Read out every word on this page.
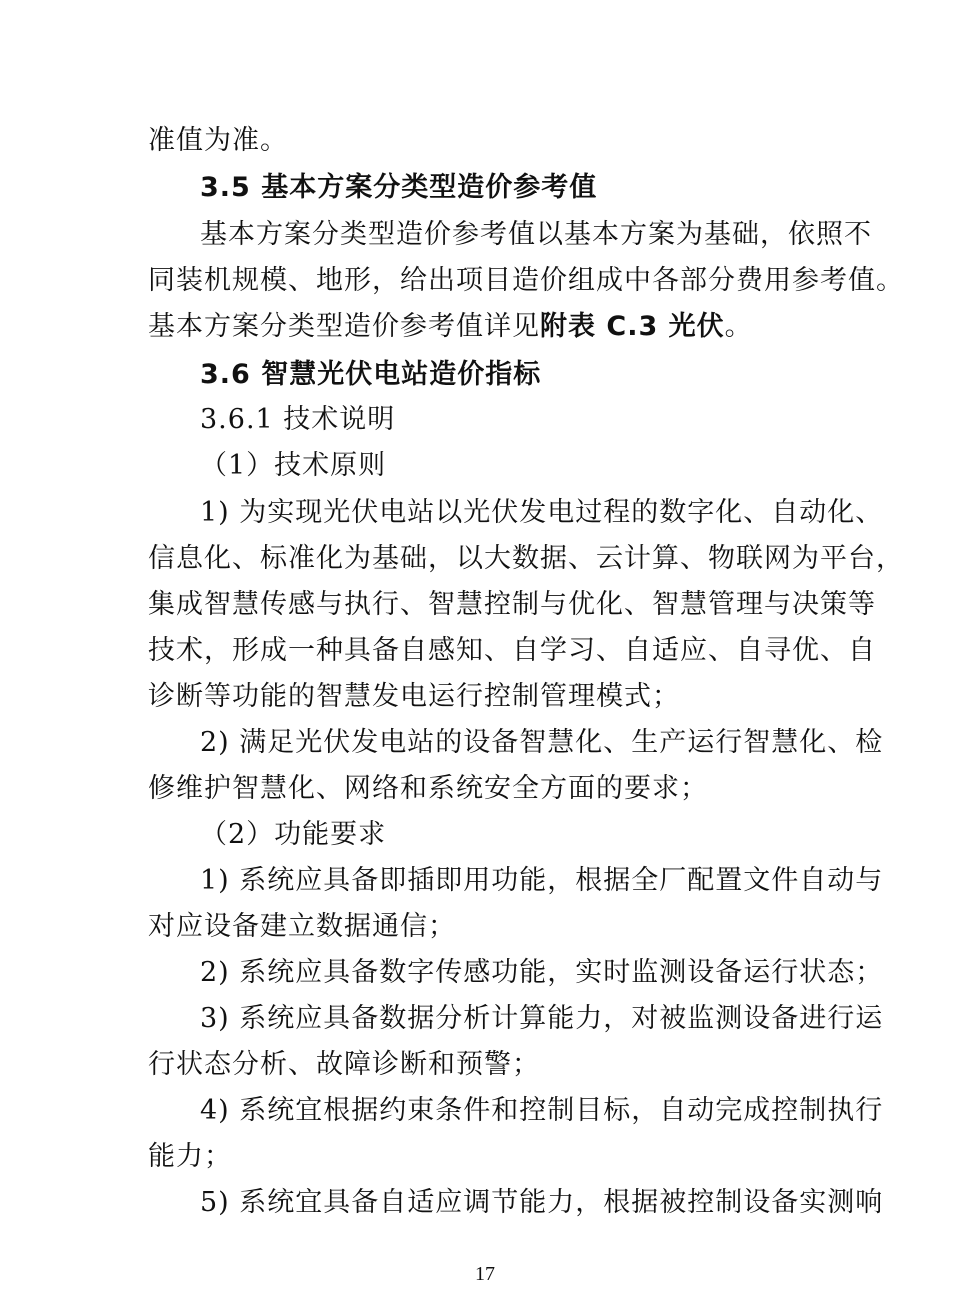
准值为准。
3.5 基本方案分类型造价参考值
基本方案分类型造价参考值以基本方案为基础，依照不
同装机规模、地形，给出项目造价组成中各部分费用参考值。
基本方案分类型造价参考值详见附表 C.3 光伏。
3.6 智慧光伏电站造价指标
3.6.1 技术说明
（1）技术原则
1) 为实现光伏电站以光伏发电过程的数字化、自动化、
信息化、标准化为基础，以大数据、云计算、物联网为平台，
集成智慧传感与执行、智慧控制与优化、智慧管理与决策等
技术，形成一种具备自感知、自学习、自适应、自寻优、自
诊断等功能的智慧发电运行控制管理模式；
2) 满足光伏发电站的设备智慧化、生产运行智慧化、检
修维护智慧化、网络和系统安全方面的要求；
（2）功能要求
1) 系统应具备即插即用功能，根据全厂配置文件自动与
对应设备建立数据通信；
2) 系统应具备数字传感功能，实时监测设备运行状态；
3) 系统应具备数据分析计算能力，对被监测设备进行运
行状态分析、故障诊断和预警；
4) 系统宜根据约束条件和控制目标，自动完成控制执行
能力；
5) 系统宜具备自适应调节能力，根据被控制设备实测响
17
